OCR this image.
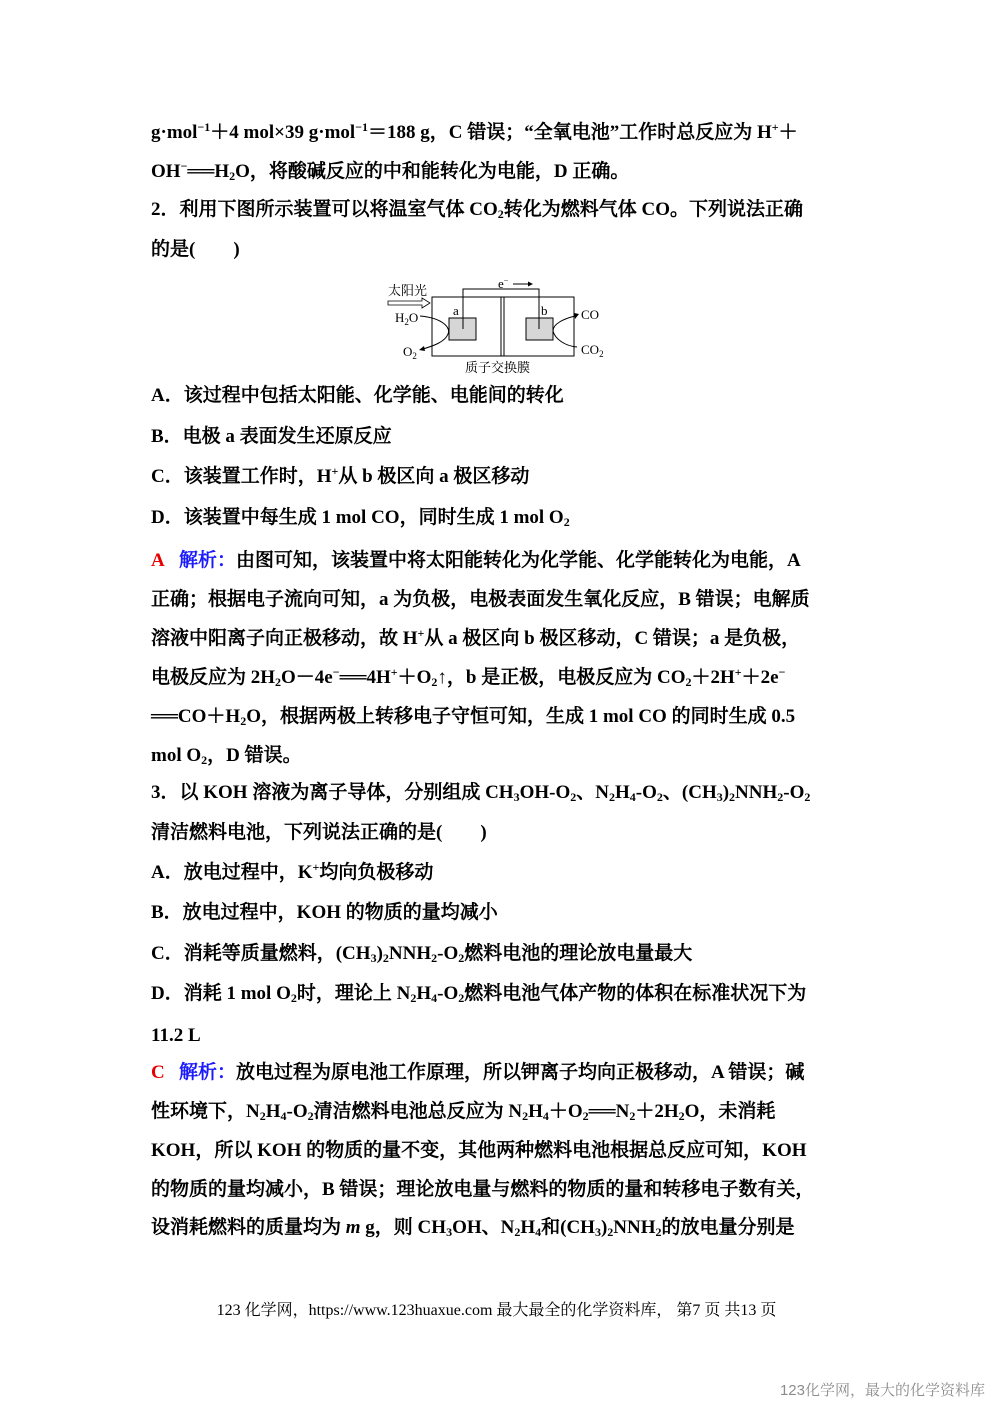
g·mol$^{-1}$＋4 mol×39 g·mol$^{-1}$＝188 g，C 错误；“全氧电池”工作时总反应为 H+＋
$OH^-══H_2O$，将酸碱反应的中和能转化为电能，D 正确。
2．利用下图所示装置可以将温室气体 $CO_2$转化为燃料气体 CO。下列说法正确
的是(　　)
e−
太阳光
$H_2O$
$O_2$
a	b	CO
$CO_2$
质子交换膜
A．该过程中包括太阳能、化学能、电能间的转化
B．电极 a 表面发生还原反应
C．该装置工作时，H+从 b 极区向 a 极区移动
D．该装置中每生成 1 mol CO，同时生成 1 mol $O_2$
A 解析：由图可知，该装置中将太阳能转化为化学能、化学能转化为电能，A
正确；根据电子流向可知，a 为负极，电极表面发生氧化反应，B 错误；电解质
溶液中阳离子向正极移动，故 H+从 a 极区向 b 极区移动，C 错误；a 是负极，
电极反应为 $2H_2O-4e^-══4H^++O_2↑$，b 是正极，电极反应为 $CO_2+2H^++2e^-$
$══CO+H_2O$，根据两极上转移电子守恒可知，生成 1 mol CO 的同时生成 0.5
mol $O_2$，D 错误。
3．以 KOH 溶液为离子导体，分别组成 $CH_3OH-O_2$、$N_2H_4-O_2$、$(CH_3)_2NNH_2-O_2$
清洁燃料电池，下列说法正确的是(　　)
A．放电过程中，K+均向负极移动
B．放电过程中，KOH 的物质的量均减小
C．消耗等质量燃料，$(CH_3)_2NNH_2-O_2$燃料电池的理论放电量最大
D．消耗 1 mol $O_2$时，理论上 $N_2H_4-O_2$燃料电池气体产物的体积在标准状况下为
11.2 L
C 解析：放电过程为原电池工作原理，所以钾离子均向正极移动，A 错误；碱
性环境下，$N_2H_4-O_2$清洁燃料电池总反应为 $N_2H_4+O_2══N_2+2H_2O$，未消耗
KOH，所以 KOH 的物质的量不变，其他两种燃料电池根据总反应可知，KOH
的物质的量均减小，B 错误；理论放电量与燃料的物质的量和转移电子数有关，
设消耗燃料的质量均为 m g，则 $CH_3OH$、$N_2H_4$和$(CH_3)_2NNH_2$的放电量分别是
123 化学网，https://www.123huaxue.com 最大最全的化学资料库， 第7 页 共13 页
123化学网，最大的化学资料库
